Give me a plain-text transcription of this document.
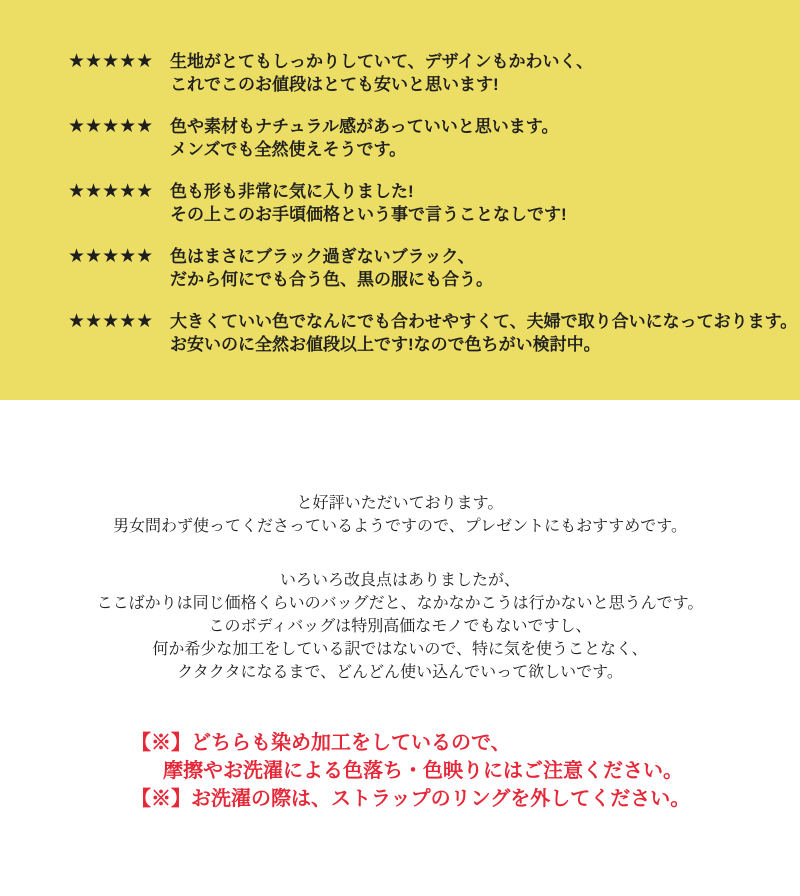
★★★★★ 生地がとてもしっかりしていて、デザインもかわいく、
これでこのお値段はとても安いと思います!
★★★★★ 色や素材もナチュラル感があっていいと思います。
メンズでも全然使えそうです。
★★★★★ 色も形も非常に気に入りました!
その上このお手頃価格という事で言うことなしです!
★★★★★ 色はまさにブラック過ぎないブラック、
だから何にでも合う色、黒の服にも合う。
★★★★★ 大きくていい色でなんにでも合わせやすくて、夫婦で取り合いになっております。
お安いのに全然お値段以上です!なので色ちがい検討中。

と好評いただいております。
男女問わず使ってくださっているようですので、プレゼントにもおすすめです。

いろいろ改良点はありましたが、
ここばかりは同じ価格くらいのバッグだと、なかなかこうは行かないと思うんです。

このボディバッグは特別高価なモノでもないですし、
何か希少な加工をしている訳ではないので、特に気を使うことなく、
クタクタになるまで、どんどん使い込んでいって欲しいです。

【※】どちらも染め加工をしているので、
摩擦やお洗濯による色落ち・色映りにはご注意ください。
【※】お洗濯の際は、ストラップのリングを外してください。
